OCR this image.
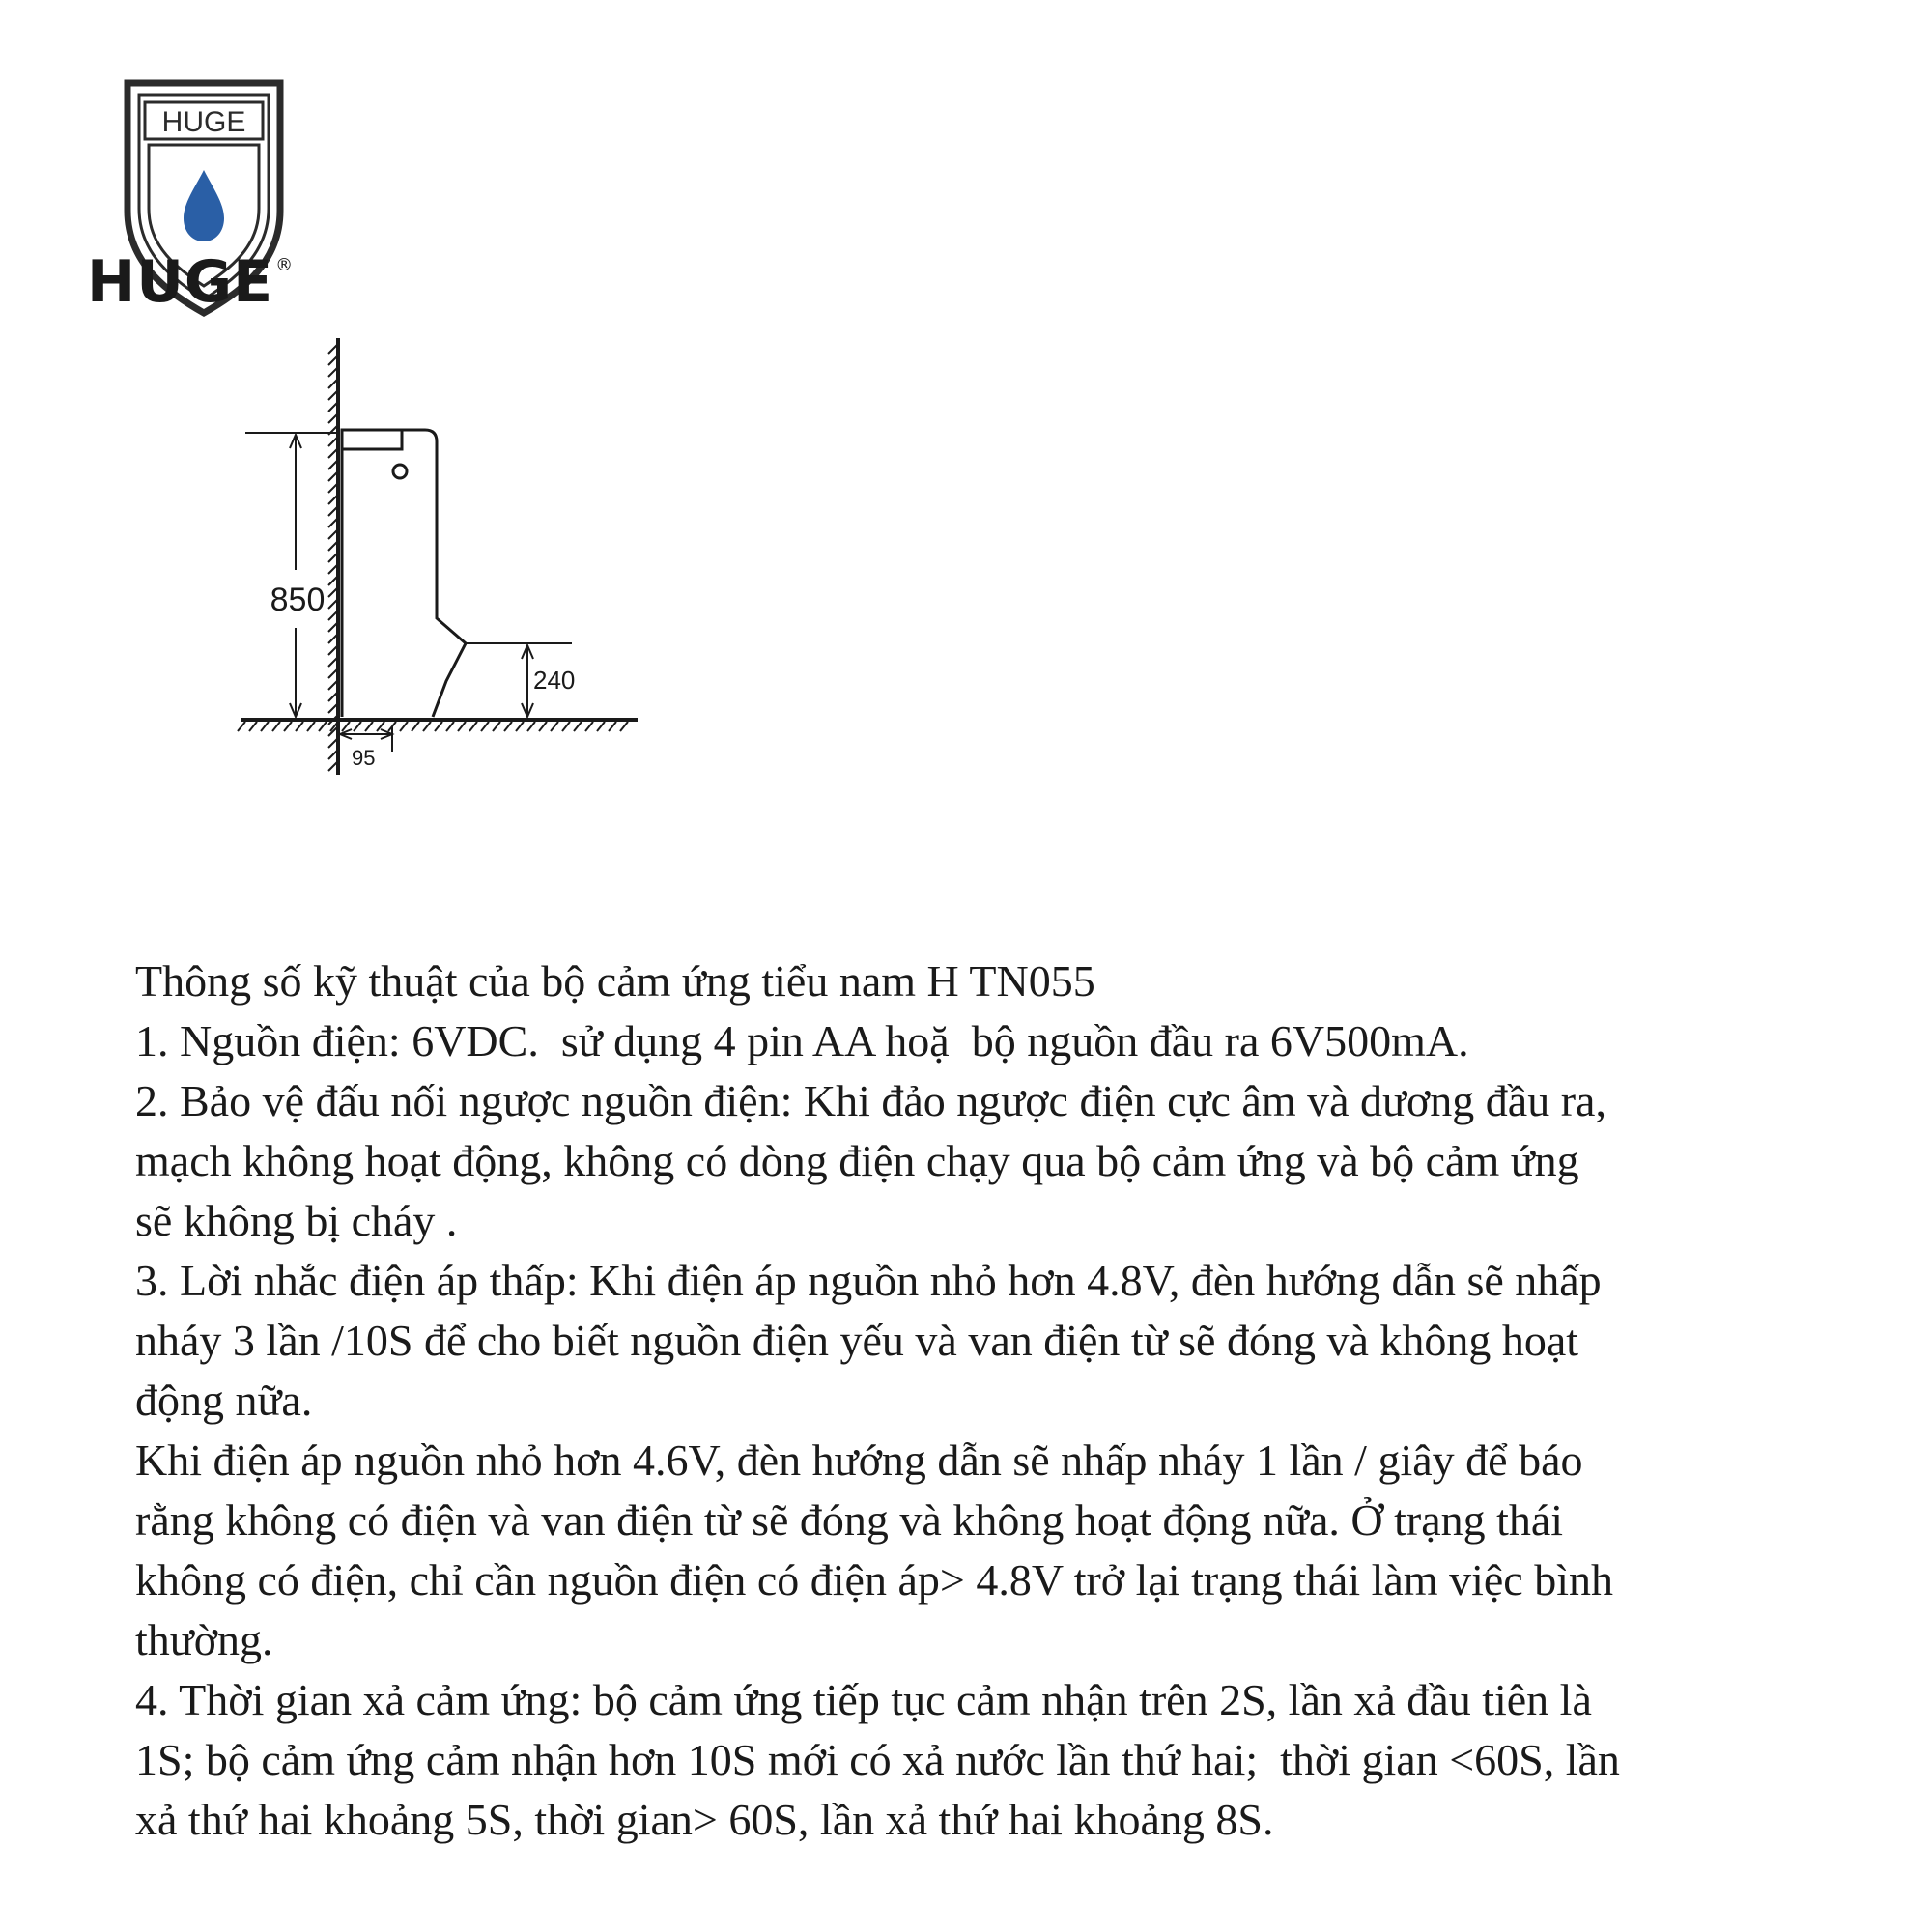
HUGE
HUGE ®
850
240
95

Thông số kỹ thuật của bộ cảm ứng tiểu nam H TN055

1. Nguồn điện: 6VDC.  sử dụng 4 pin AA hoặ  bộ nguồn đầu ra 6V500mA.

2. Bảo vệ đấu nối ngược nguồn điện: Khi đảo ngược điện cực âm và dương đầu ra,

mạch không hoạt động, không có dòng điện chạy qua bộ cảm ứng và bộ cảm ứng

sẽ không bị cháy .

3. Lời nhắc điện áp thấp: Khi điện áp nguồn nhỏ hơn 4.8V, đèn hướng dẫn sẽ nhấp

nháy 3 lần /10S để cho biết nguồn điện yếu và van điện từ sẽ đóng và không hoạt

động nữa.

Khi điện áp nguồn nhỏ hơn 4.6V, đèn hướng dẫn sẽ nhấp nháy 1 lần / giây để báo

rằng không có điện và van điện từ sẽ đóng và không hoạt động nữa. Ở trạng thái

không có điện, chỉ cần nguồn điện có điện áp> 4.8V trở lại trạng thái làm việc bình

thường.

4. Thời gian xả cảm ứng: bộ cảm ứng tiếp tục cảm nhận trên 2S, lần xả đầu tiên là

1S; bộ cảm ứng cảm nhận hơn 10S mới có xả nước lần thứ hai;  thời gian <60S, lần

xả thứ hai khoảng 5S, thời gian> 60S, lần xả thứ hai khoảng 8S.
